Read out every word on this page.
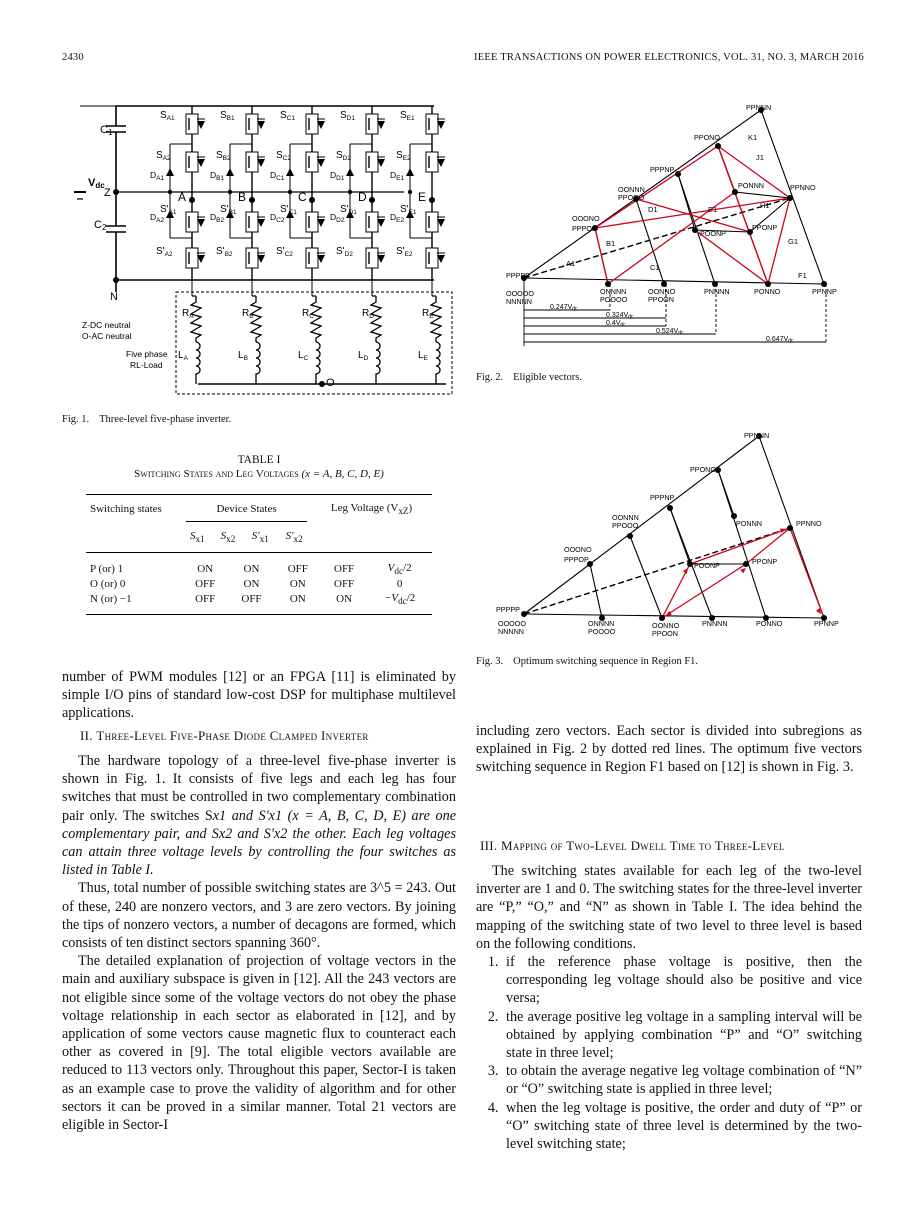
2430	IEEE TRANSACTIONS ON POWER ELECTRONICS, VOL. 31, NO. 3, MARCH 2016
$S_{A1}$
$S_{A2}$
$D_{A1}$
$D_{A2}$
A
$S'_{A1}$
$S'_{A2}$
$R_A$
$L_A$
$S_{B1}$
$S_{B2}$
$D_{B1}$
$D_{B2}$
B
$S'_{B1}$
$S'_{B2}$
$R_B$
$L_B$
$S_{C1}$
$S_{C2}$
$D_{C1}$
$D_{C2}$
C
$S'_{C1}$
$S'_{C2}$
$R_C$
$L_C$
$S_{D1}$
$S_{D2}$
$D_{D1}$
$D_{D2}$
D
$S'_{D1}$
$S'_{D2}$
$R_D$
$L_D$
$S_{E1}$
$S_{E2}$
$D_{E1}$
$D_{E2}$
E
$S'_{E1}$
$S'_{E2}$
$R_E$
$L_E$
C1
C2
Vdc
Z
N
O
Z-DC neutral
O-AC neutral
Five phase
RL-Load
Fig. 1. Three-level five-phase inverter.
PPNNN
PPONO
PPPNP
OONNN
PPOOO
OOONO
PPPOP
PPPPP
OOOOO
NNNNN
ONNNN
POOOO
OONNO
PPOON
PNNNN	PONNO	PPNNP
PONNN	PPNNO
POONP
PPONP
0.247Vdc
0.324Vdc
0.4Vdc
0.524Vdc
0.647Vdc
K1
J1
H1
E1
D1
G1
B1
C1
A1
F1
Fig. 2. Eligible vectors.
PPNNN
PPONO
PPPNP
OONNN
PPOOO	PONNN	PPNNO
OOONO
PPPOP
POONP	PPONP
PPPPP
OOOOO
NNNNN
ONNNN
POOOO
OONNO
PPOON
PNNNN	PONNO	PPNNP
Fig. 3. Optimum switching sequence in Region F1.
TABLE I
Switching States and Leg Voltages (x = A, B, C, D, E)
Switching states	Device States				Leg Voltage $(V_{xZ})$

	$S_{x1}$	$S_{x2}$	$S'_{x1}$	$S'_{x2}$	
P (or) 1	ON	ON	OFF	OFF	$V_{dc}/2$
O (or) 0	OFF	ON	ON	OFF	0
N (or) −1	OFF	OFF	ON	ON	$-V_{dc}/2$

number of PWM modules [12] or an FPGA [11] is eliminated by simple I/O pins of standard low-cost DSP for multiphase multilevel applications.

II. Three-Level Five-Phase Diode Clamped Inverter

The hardware topology of a three-level five-phase inverter is shown in Fig. 1. It consists of five legs and each leg has four switches that must be controlled in two complementary combination pair only. The switches Sx1 and S'x1 (x = A, B, C, D, E) are one complementary pair, and Sx2 and S'x2 the other. Each leg voltages can attain three voltage levels by controlling the four switches as listed in Table I.

Thus, total number of possible switching states are 3^5 = 243. Out of these, 240 are nonzero vectors, and 3 are zero vectors. By joining the tips of nonzero vectors, a number of decagons are formed, which consists of ten distinct sectors spanning 360°.

The detailed explanation of projection of voltage vectors in the main and auxiliary subspace is given in [12]. All the 243 vectors are not eligible since some of the voltage vectors do not obey the phase voltage relationship in each sector as elaborated in [12], and by application of some vectors cause magnetic flux to counteract each other as covered in [9]. The total eligible vectors available are reduced to 113 vectors only. Throughout this paper, Sector-I is taken as an example case to prove the validity of algorithm and for other sectors it can be proved in a similar manner. Total 21 vectors are eligible in Sector-I

including zero vectors. Each sector is divided into subregions as explained in Fig. 2 by dotted red lines. The optimum five vectors switching sequence in Region F1 based on [12] is shown in Fig. 3.

III. Mapping of Two-Level Dwell Time to Three-Level

The switching states available for each leg of the two-level inverter are 1 and 0. The switching states for the three-level inverter are “P,” “O,” and “N” as shown in Table I. The idea behind the mapping of the switching state of two level to three level is based on the following conditions.

1. if the reference phase voltage is positive, then the corresponding leg voltage should also be positive and vice versa;
2. the average positive leg voltage in a sampling interval will be obtained by applying combination “P” and “O” switching state in three level;
3. to obtain the average negative leg voltage combination of “N” or “O” switching state is applied in three level;
4. when the leg voltage is positive, the order and duty of “P” or “O” switching state of three level is determined by the two-level switching state;
